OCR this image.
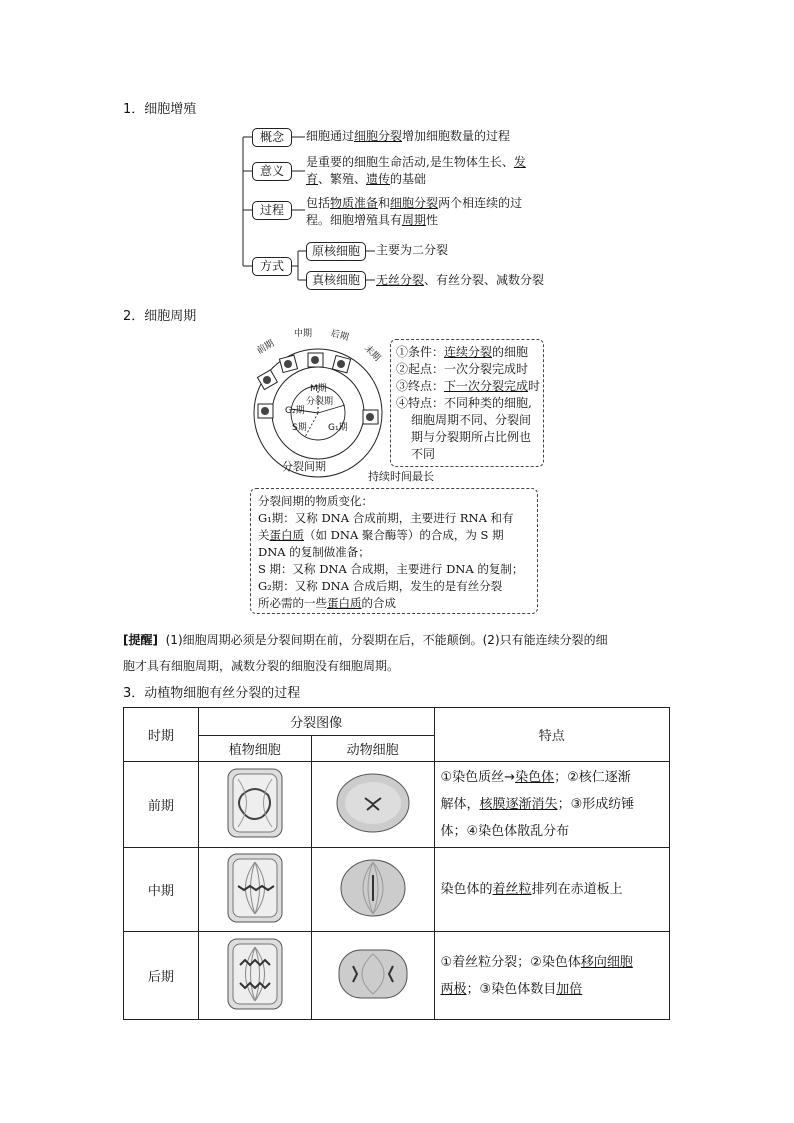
1．细胞增殖
概念	细胞通过细胞分裂增加细胞数量的过程
意义
是重要的细胞生命活动,是生物体生长、发
育、繁殖、遗传的基础
过程	包括物质准备和细胞分裂两个相连续的过
程。细胞增殖具有周期性
方式
原核细胞	主要为二分裂
真核细胞	无丝分裂、有丝分裂、减数分裂
2．细胞周期
前期
中期 后期
末期
M期
分裂期
G₂期
S期 G₁期
分裂间期
持续时间最长
①条件：连续分裂的细胞
②起点：一次分裂完成时
③终点：下一次分裂完成时
④特点：不同种类的细胞,
细胞周期不同、分裂间
期与分裂期所占比例也
不同
分裂间期的物质变化：
G₁期：又称 DNA 合成前期，主要进行 RNA 和有
关蛋白质（如 DNA 聚合酶等）的合成，为 S 期
DNA 的复制做准备；
S 期：又称 DNA 合成期，主要进行 DNA 的复制；
G₂期：又称 DNA 合成后期，发生的是有丝分裂
所必需的一些蛋白质的合成
[提醒] (1)细胞周期必须是分裂间期在前，分裂期在后，不能颠倒。(2)只有能连续分裂的细
胞才具有细胞周期，减数分裂的细胞没有细胞周期。
3．动植物细胞有丝分裂的过程
时期	分裂图像		特点
	植物细胞	动物细胞	
前期			①染色质丝→染色体；②核仁逐渐
解体，核膜逐渐消失；③形成纺锤
体；④染色体散乱分布

中期			染色体的着丝粒排列在赤道板上

后期			①着丝粒分裂；②染色体移向细胞
两极；③染色体数目加倍
